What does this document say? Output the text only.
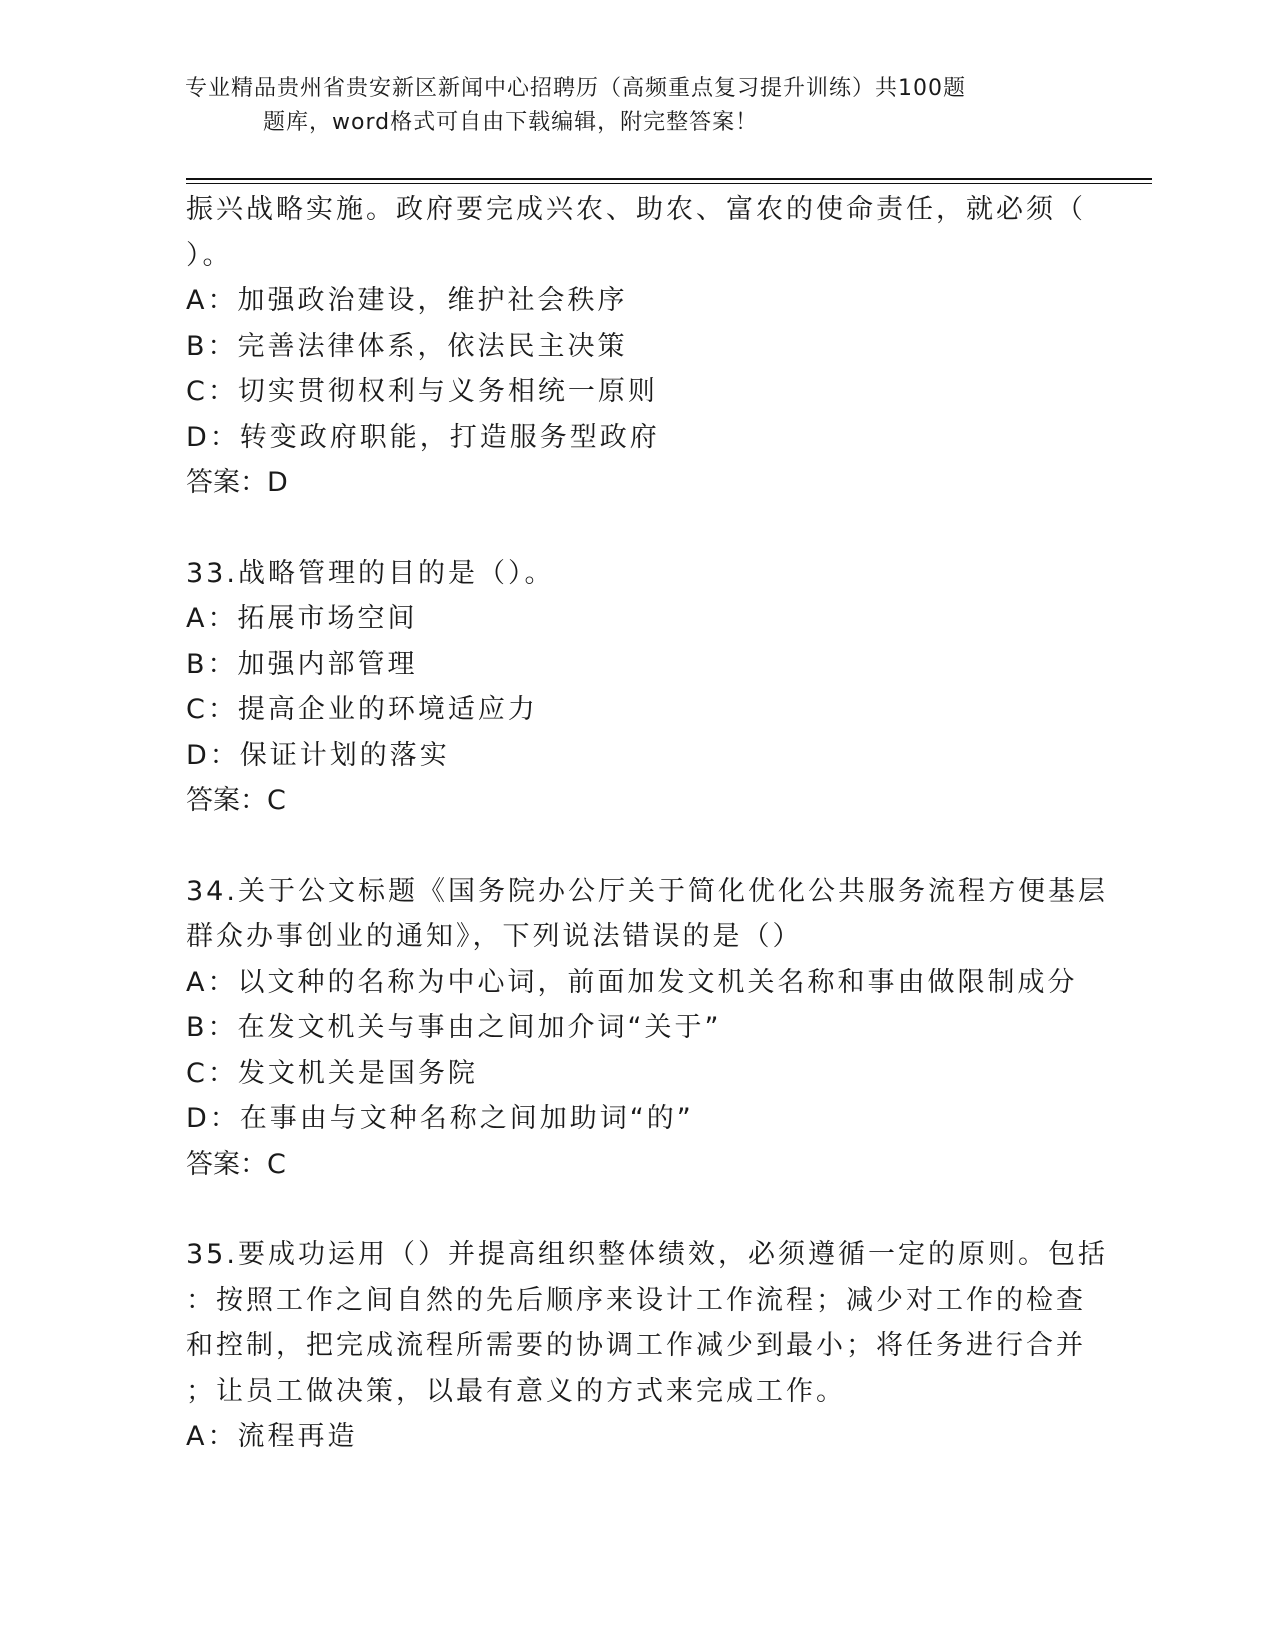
专业精品贵州省贵安新区新闻中心招聘历（高频重点复习提升训练）共100题
题库，word格式可自由下载编辑，附完整答案！
振兴战略实施。政府要完成兴农、助农、富农的使命责任，就必须（
）。
A：加强政治建设，维护社会秩序
B：完善法律体系，依法民主决策
C：切实贯彻权利与义务相统一原则
D：转变政府职能，打造服务型政府
答案：D
33.战略管理的目的是（）。
A：拓展市场空间
B：加强内部管理
C：提高企业的环境适应力
D：保证计划的落实
答案：C
34.关于公文标题《国务院办公厅关于简化优化公共服务流程方便基层
群众办事创业的通知》，下列说法错误的是（）
A：以文种的名称为中心词，前面加发文机关名称和事由做限制成分
B：在发文机关与事由之间加介词“关于”
C：发文机关是国务院
D：在事由与文种名称之间加助词“的”
答案：C
35.要成功运用（）并提高组织整体绩效，必须遵循一定的原则。包括
：按照工作之间自然的先后顺序来设计工作流程；减少对工作的检查
和控制，把完成流程所需要的协调工作减少到最小；将任务进行合并
；让员工做决策，以最有意义的方式来完成工作。
A：流程再造
